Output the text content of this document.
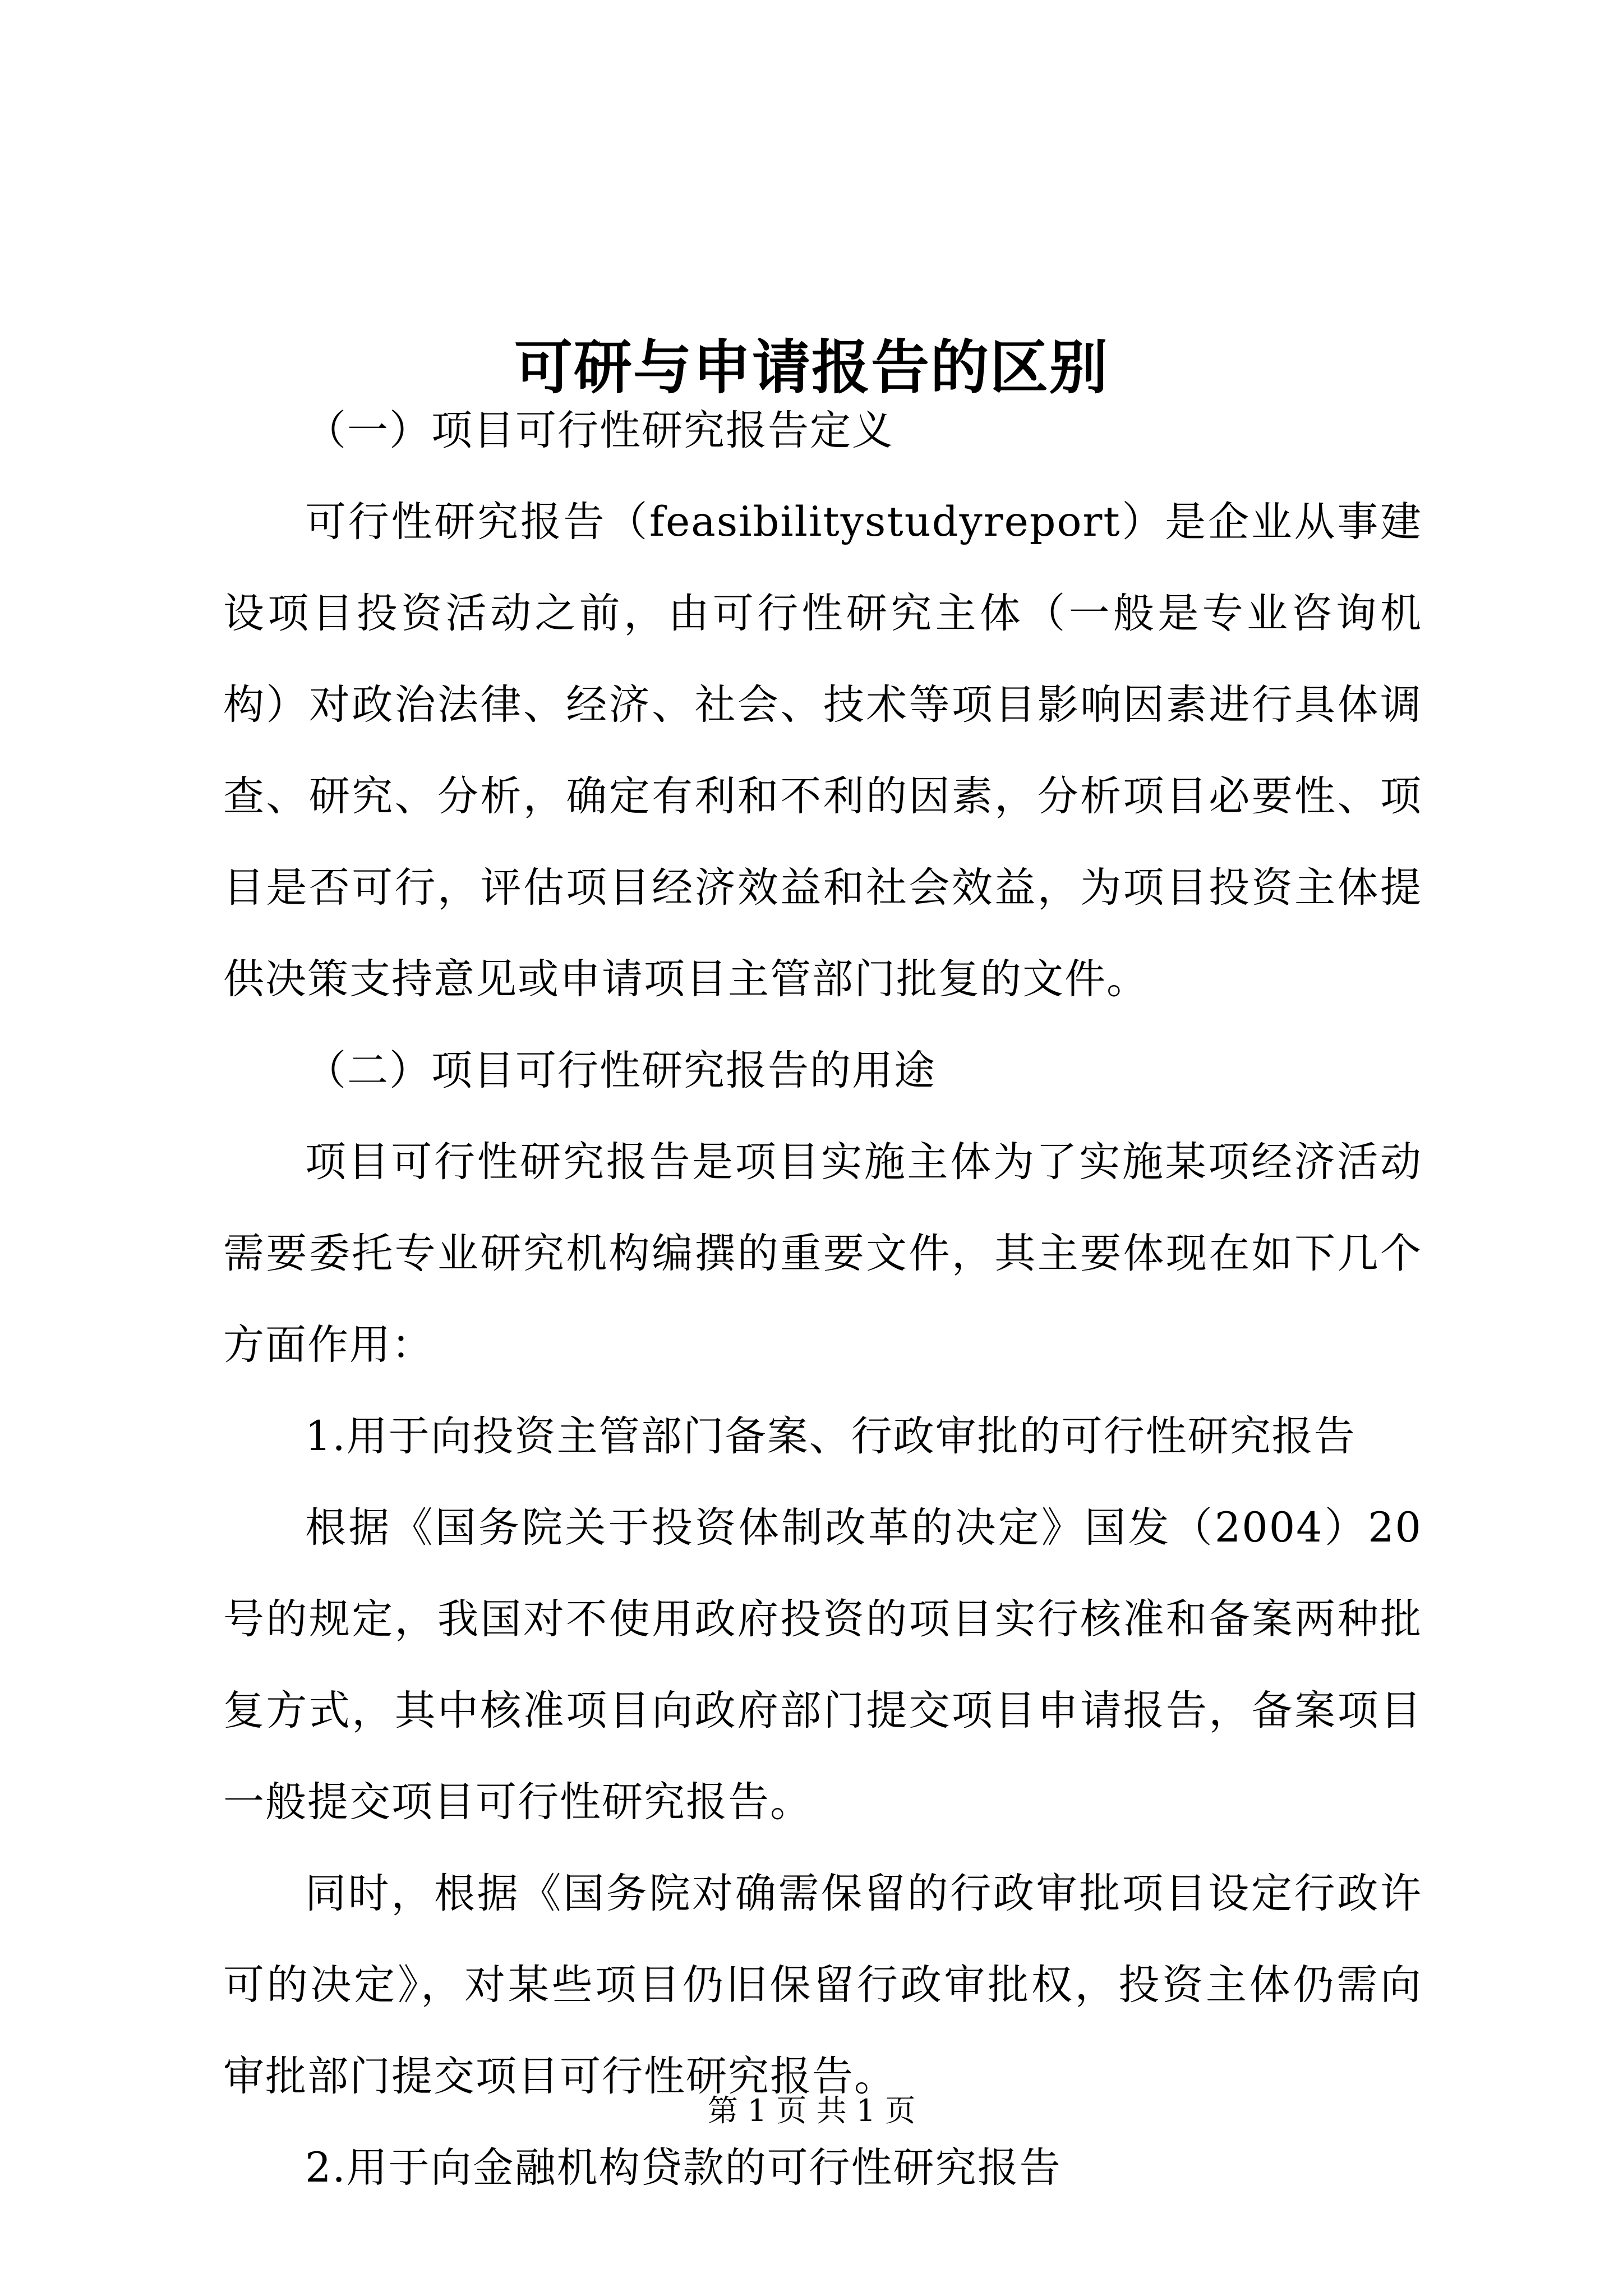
可研与申请报告的区别

（一）项目可行性研究报告定义

可行性研究报告（feasibilitystudyreport）是企业从事建设项目投资活动之前，由可行性研究主体（一般是专业咨询机构）对政治法律、经济、社会、技术等项目影响因素进行具体调查、研究、分析，确定有利和不利的因素，分析项目必要性、项目是否可行，评估项目经济效益和社会效益，为项目投资主体提供决策支持意见或申请项目主管部门批复的文件。

（二）项目可行性研究报告的用途

项目可行性研究报告是项目实施主体为了实施某项经济活动需要委托专业研究机构编撰的重要文件，其主要体现在如下几个方面作用：

1.用于向投资主管部门备案、行政审批的可行性研究报告

根据《国务院关于投资体制改革的决定》国发（2004）20号的规定，我国对不使用政府投资的项目实行核准和备案两种批复方式，其中核准项目向政府部门提交项目申请报告，备案项目一般提交项目可行性研究报告。

同时，根据《国务院对确需保留的行政审批项目设定行政许可的决定》，对某些项目仍旧保留行政审批权，投资主体仍需向审批部门提交项目可行性研究报告。

2.用于向金融机构贷款的可行性研究报告

第 1 页 共 1 页
